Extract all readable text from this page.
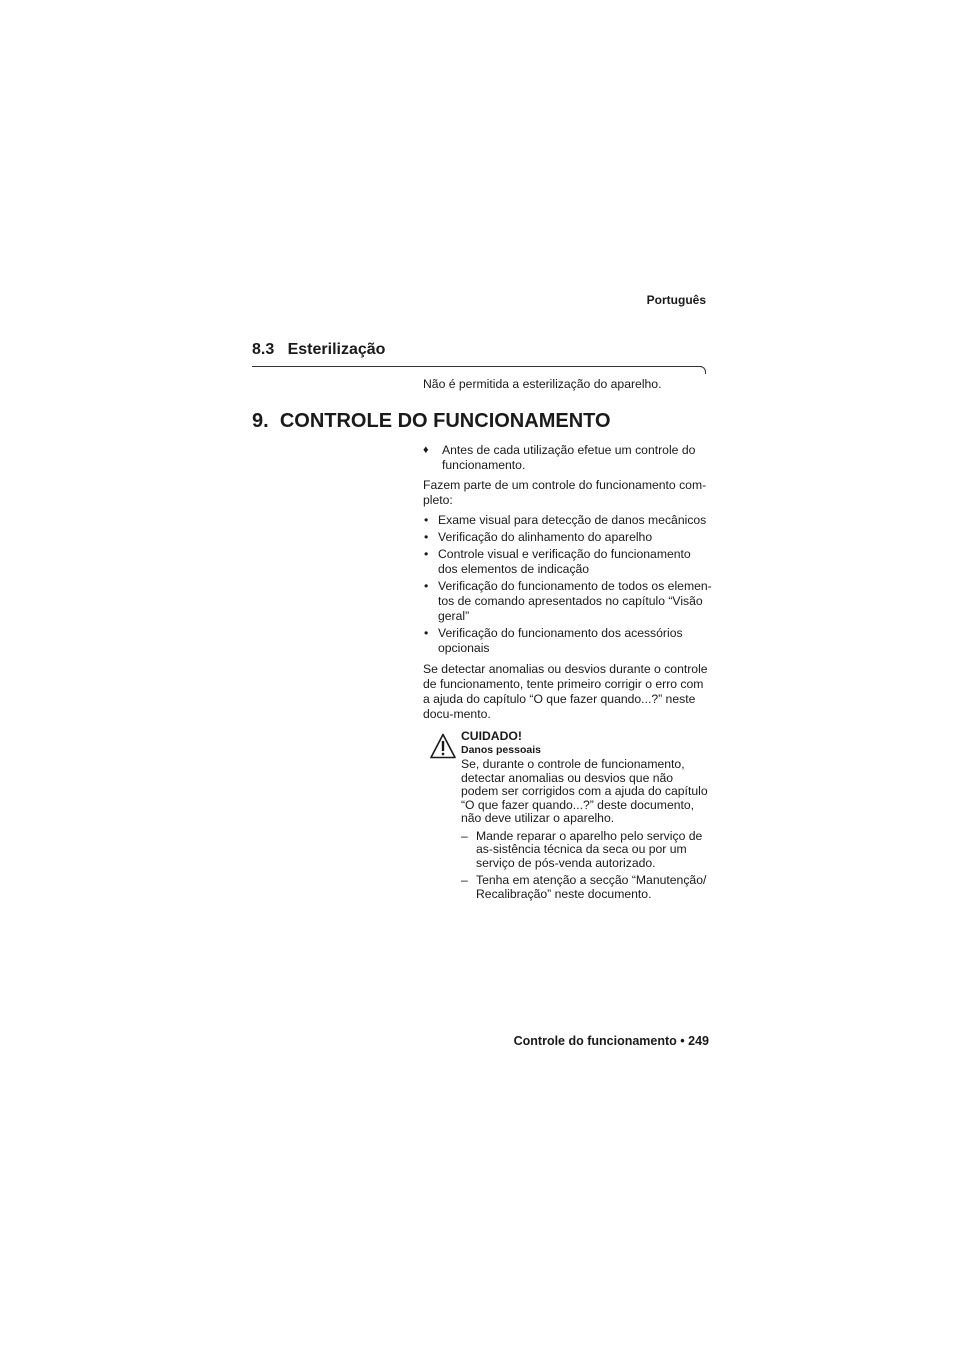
Português
8.3 Esterilização
Não é permitida a esterilização do aparelho.
9. CONTROLE DO FUNCIONAMENTO
♦ Antes de cada utilização efetue um controle do funcionamento.
Fazem parte de um controle do funcionamento com-pleto:
• Exame visual para detecção de danos mecânicos
• Verificação do alinhamento do aparelho
• Controle visual e verificação do funcionamento dos elementos de indicação
• Verificação do funcionamento de todos os elemen-tos de comando apresentados no capítulo “Visão geral”
• Verificação do funcionamento dos acessórios opcionais
Se detectar anomalias ou desvios durante o controle de funcionamento, tente primeiro corrigir o erro com a ajuda do capítulo “O que fazer quando...?” neste docu-mento.
CUIDADO!
Danos pessoais
Se, durante o controle de funcionamento, detectar anomalias ou desvios que não podem ser corrigidos com a ajuda do capítulo “O que fazer quando...?” deste documento, não deve utilizar o aparelho.
– Mande reparar o aparelho pelo serviço de as-sistência técnica da seca ou por um serviço de pós-venda autorizado.
– Tenha em atenção a secção “Manutenção/ Recalibração” neste documento.
Controle do funcionamento • 249
